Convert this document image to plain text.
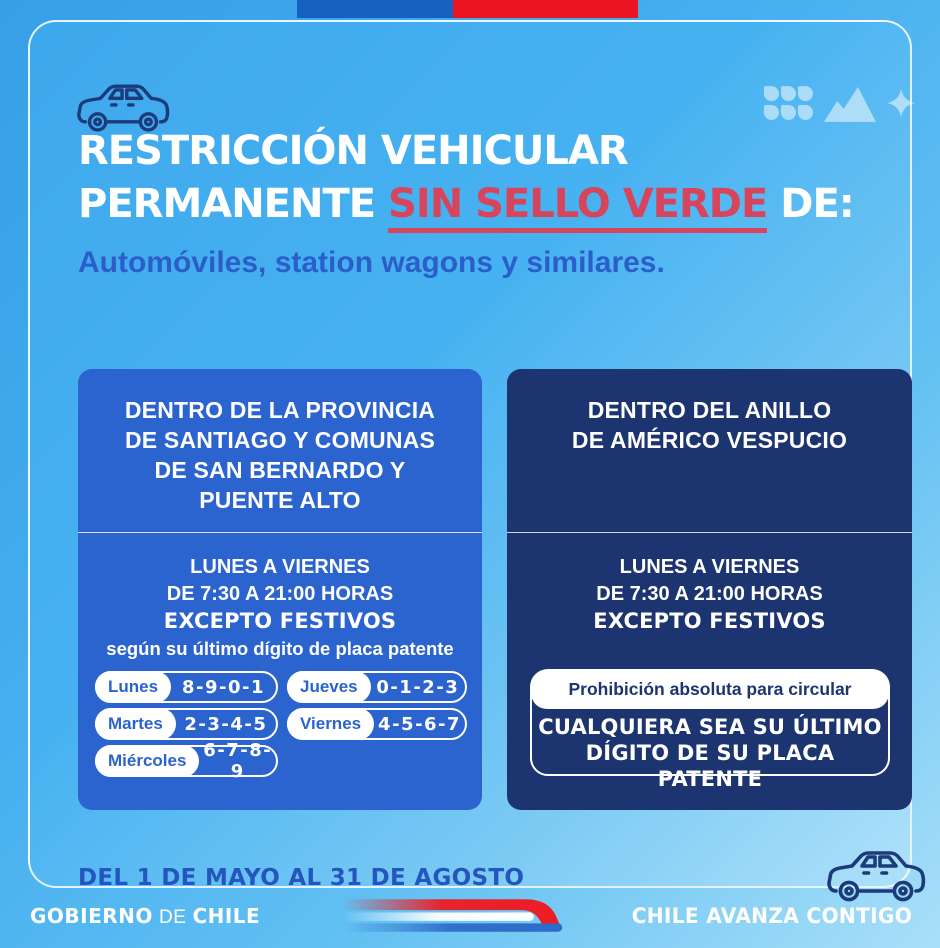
RESTRICCIÓN VEHICULAR
PERMANENTE SIN SELLO VERDE DE:
Automóviles, station wagons y similares.
DENTRO DE LA PROVINCIA
DE SANTIAGO Y COMUNAS
DE SAN BERNARDO Y
PUENTE ALTO
LUNES A VIERNES
DE 7:30 A 21:00 HORAS
EXCEPTO FESTIVOS
según su último dígito de placa patente
Lunes	8-9-0-1
Martes	2-3-4-5
Miércoles 6-7-8-9
Jueves	0-1-2-3
Viernes 4-5-6-7
DENTRO DEL ANILLO
DE AMÉRICO VESPUCIO
LUNES A VIERNES
DE 7:30 A 21:00 HORAS
EXCEPTO FESTIVOS
Prohibición absoluta para circular
CUALQUIERA SEA SU ÚLTIMO
DÍGITO DE SU PLACA PATENTE
DEL 1 DE MAYO AL 31 DE AGOSTO
GOBIERNO DE CHILE	CHILE AVANZA CONTIGO
